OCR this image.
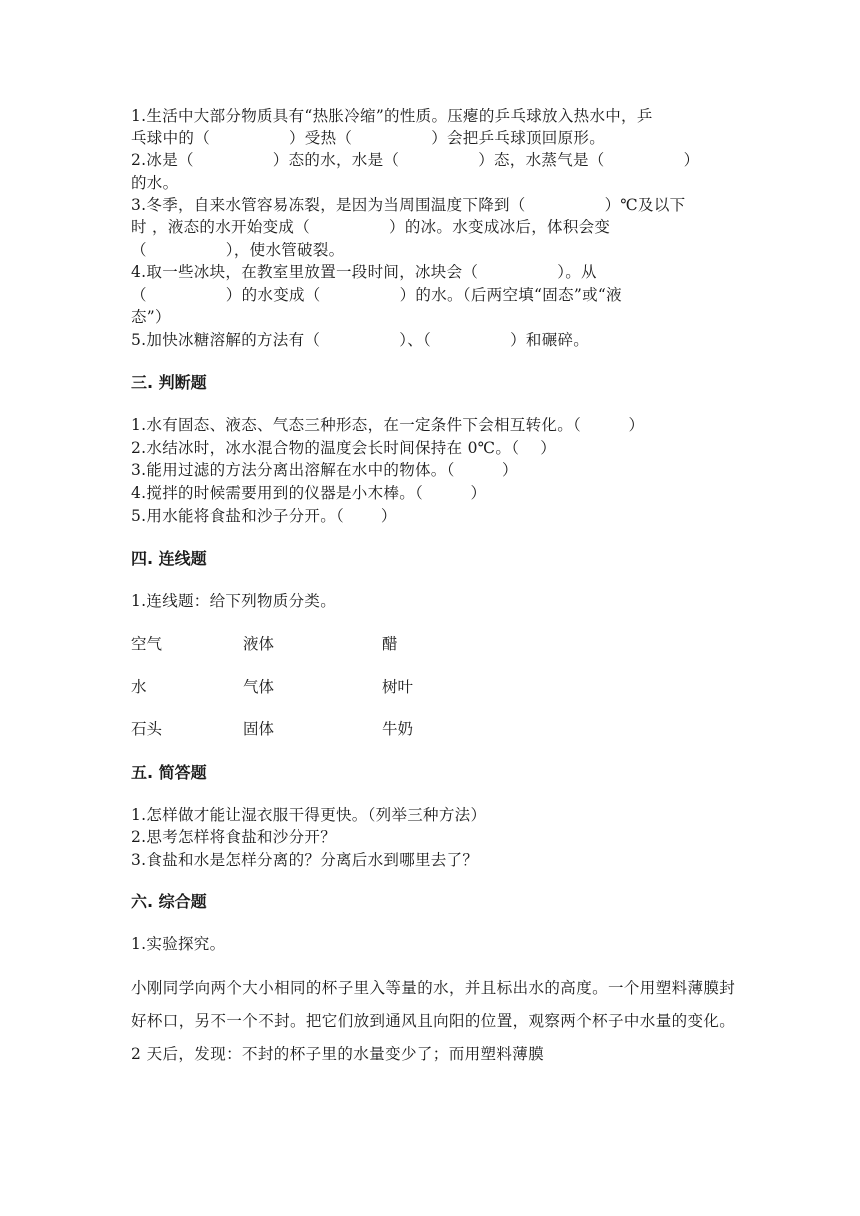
1.生活中大部分物质具有“热胀冷缩”的性质。压瘪的乒乓球放入热水中，乒
乓球中的（　　　　　）受热（　　　　　）会把乒乓球顶回原形。
2.冰是（　　　　　）态的水，水是（　　　　　）态，水蒸气是（　　　　　）
的水。
3.冬季，自来水管容易冻裂，是因为当周围温度下降到（　　　　　）℃及以下
时 ，液态的水开始变成（　　　　　）的冰。水变成冰后，体积会变
（　　　　　），使水管破裂。
4.取一些冰块，在教室里放置一段时间，冰块会（　　　　　）。从
（　　　　　）的水变成（　　　　　）的水。（后两空填“固态”或“液
态”）
5.加快冰糖溶解的方法有（　　　　　）、（　　　　　）和碾碎。
三. 判断题
1.水有固态、液态、气态三种形态，在一定条件下会相互转化。（　　　）
2.水结冰时，冰水混合物的温度会长时间保持在 0℃。（　 ）
3.能用过滤的方法分离出溶解在水中的物体。（　　　）
4.搅拌的时候需要用到的仪器是小木棒。（　　　）
5.用水能将食盐和沙子分开。（　　 ）
四. 连线题
1.连线题：给下列物质分类。
空气	液体	醋
水	气体	树叶
石头	固体	牛奶
五. 简答题
1.怎样做才能让湿衣服干得更快。（列举三种方法）
2.思考怎样将食盐和沙分开？
3.食盐和水是怎样分离的？分离后水到哪里去了？
六. 综合题
1.实验探究。
小刚同学向两个大小相同的杯子里入等量的水，并且标出水的高度。一个用塑料薄膜封好杯口，另不一个不封。把它们放到通风且向阳的位置，观察两个杯子中水量的变化。2 天后，发现：不封的杯子里的水量变少了；而用塑料薄膜
